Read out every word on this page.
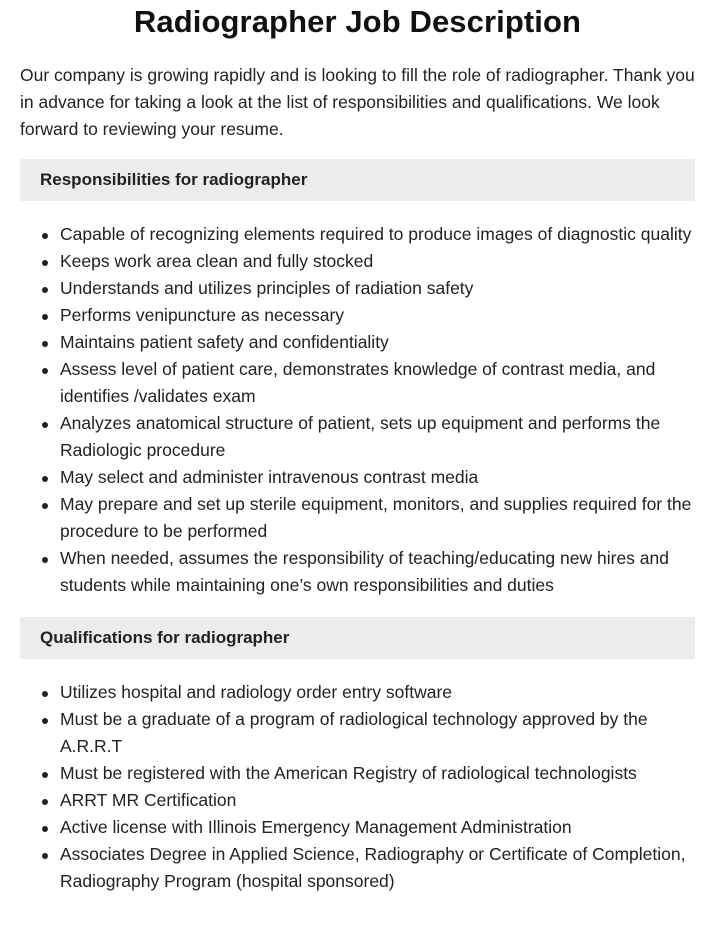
Radiographer Job Description

Our company is growing rapidly and is looking to fill the role of radiographer. Thank you in advance for taking a look at the list of responsibilities and qualifications. We look forward to reviewing your resume.

Responsibilities for radiographer
Capable of recognizing elements required to produce images of diagnostic quality
Keeps work area clean and fully stocked
Understands and utilizes principles of radiation safety
Performs venipuncture as necessary
Maintains patient safety and confidentiality
Assess level of patient care, demonstrates knowledge of contrast media, and identifies /validates exam
Analyzes anatomical structure of patient, sets up equipment and performs the Radiologic procedure
May select and administer intravenous contrast media
May prepare and set up sterile equipment, monitors, and supplies required for the procedure to be performed
When needed, assumes the responsibility of teaching/educating new hires and students while maintaining one’s own responsibilities and duties
Qualifications for radiographer
Utilizes hospital and radiology order entry software
Must be a graduate of a program of radiological technology approved by the A.R.R.T
Must be registered with the American Registry of radiological technologists
ARRT MR Certification
Active license with Illinois Emergency Management Administration
Associates Degree in Applied Science, Radiography or Certificate of Completion, Radiography Program (hospital sponsored)
